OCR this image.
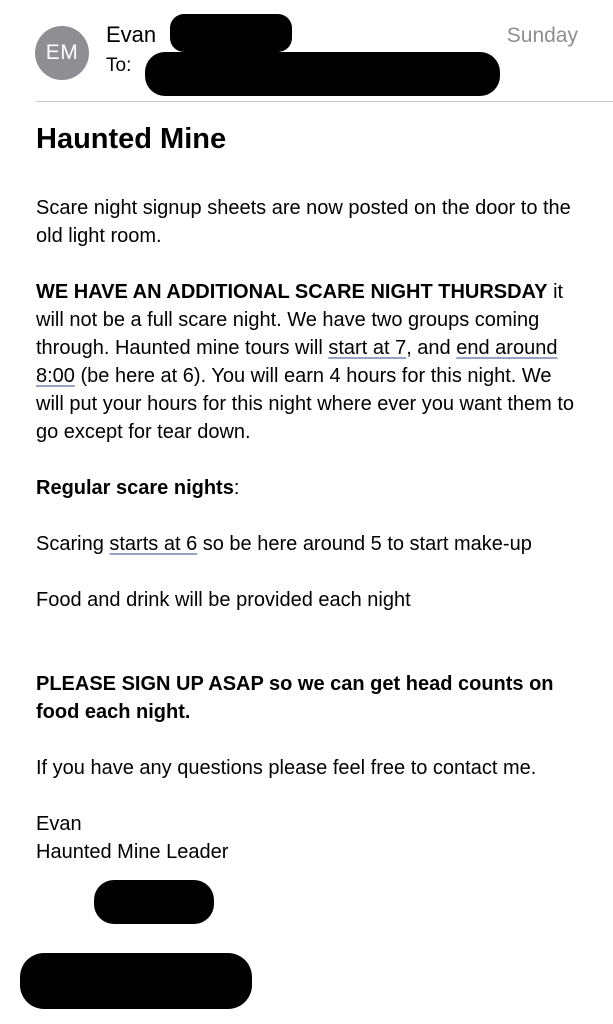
EM
Evan	Sunday
To:
Haunted Mine

Scare night signup sheets are now posted on the door to the old light room.

WE HAVE AN ADDITIONAL SCARE NIGHT THURSDAY it will not be a full scare night. We have two groups coming through. Haunted mine tours will start at 7, and end around 8:00 (be here at 6). You will earn 4 hours for this night. We will put your hours for this night where ever you want them to go except for tear down.

Regular scare nights:

Scaring starts at 6 so be here around 5 to start make-up

Food and drink will be provided each night

PLEASE SIGN UP ASAP so we can get head counts on food each night.

If you have any questions please feel free to contact me.

Evan

Haunted Mine Leader
